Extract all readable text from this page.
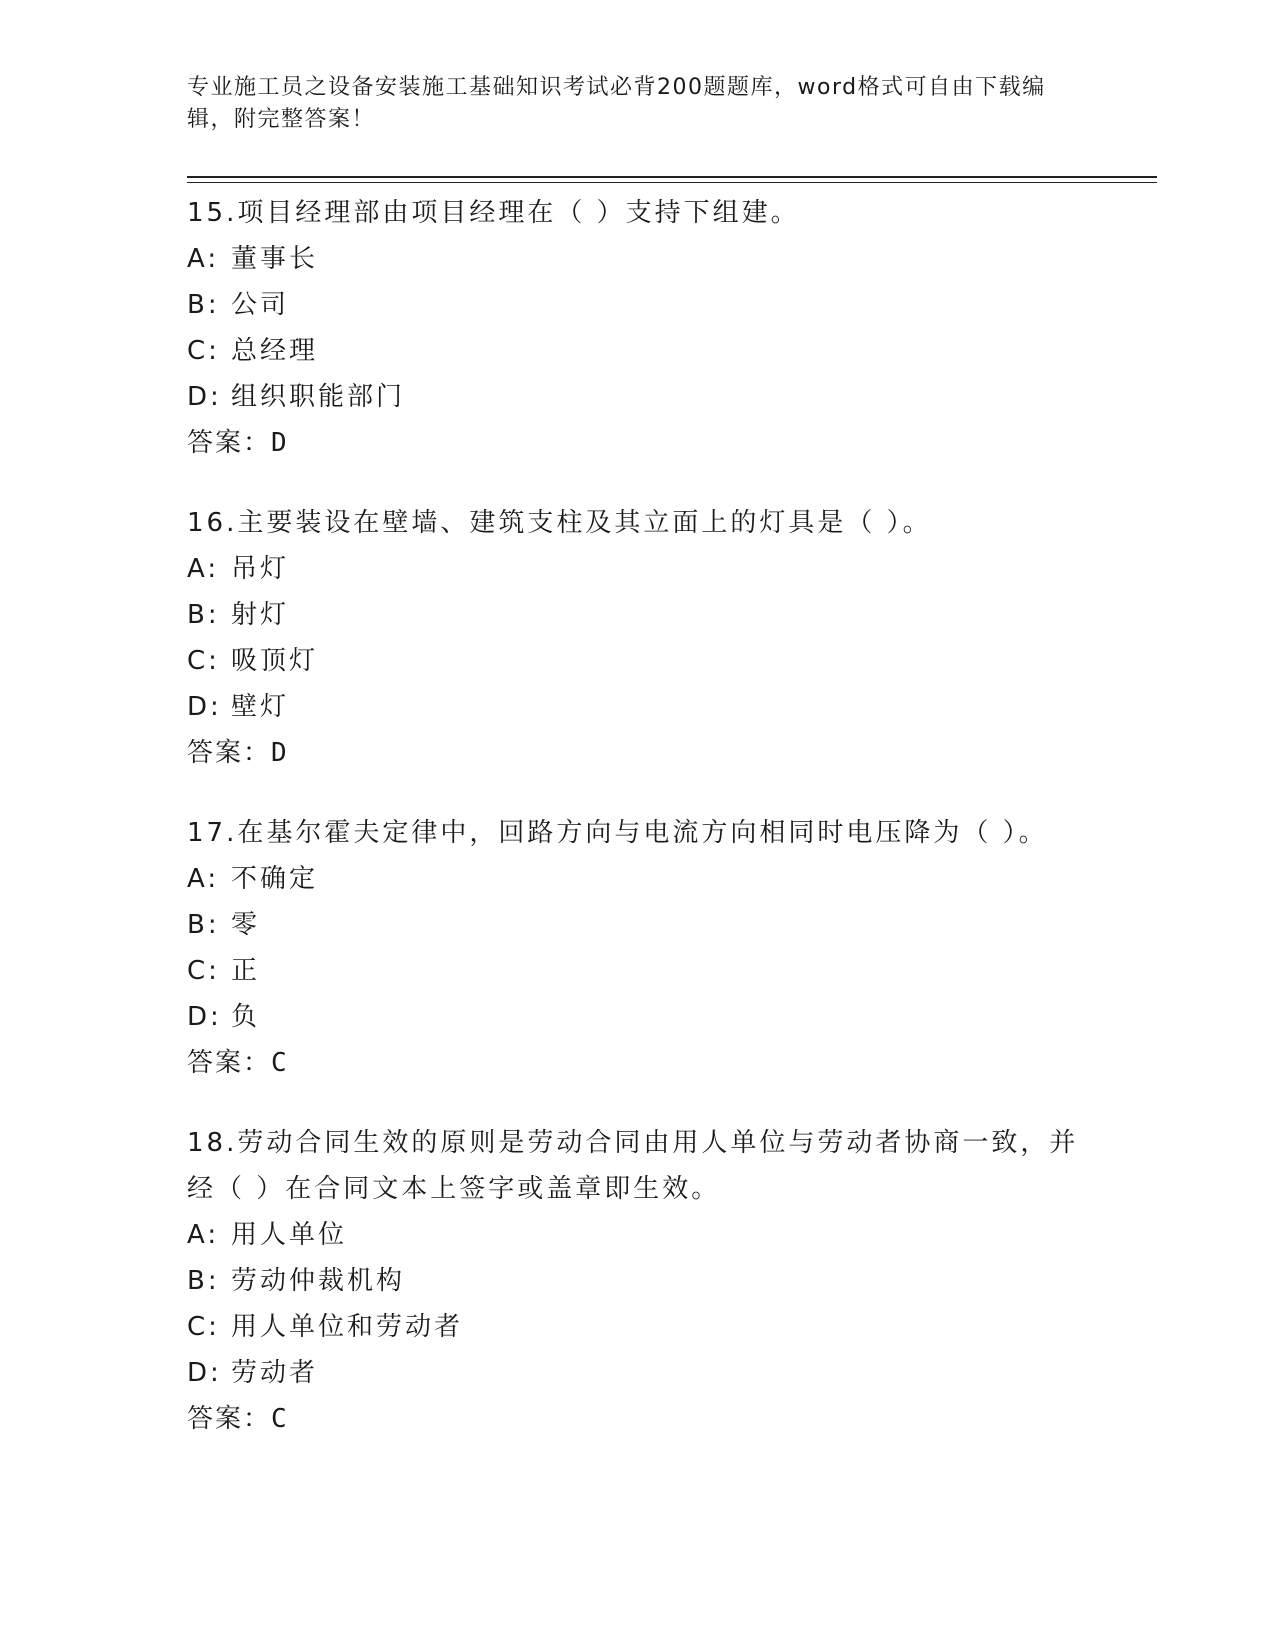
专业施工员之设备安装施工基础知识考试必背200题题库，word格式可自由下载编辑，附完整答案！
15.项目经理部由项目经理在（ ）支持下组建。
A: 董事长
B: 公司
C: 总经理
D: 组织职能部门
答案：D
16.主要装设在壁墙、建筑支柱及其立面上的灯具是（ ）。
A: 吊灯
B: 射灯
C: 吸顶灯
D: 壁灯
答案：D
17.在基尔霍夫定律中，回路方向与电流方向相同时电压降为（ ）。
A: 不确定
B: 零
C: 正
D: 负
答案：C
18.劳动合同生效的原则是劳动合同由用人单位与劳动者协商一致，并经（ ）在合同文本上签字或盖章即生效。
A: 用人单位
B: 劳动仲裁机构
C: 用人单位和劳动者
D: 劳动者
答案：C
